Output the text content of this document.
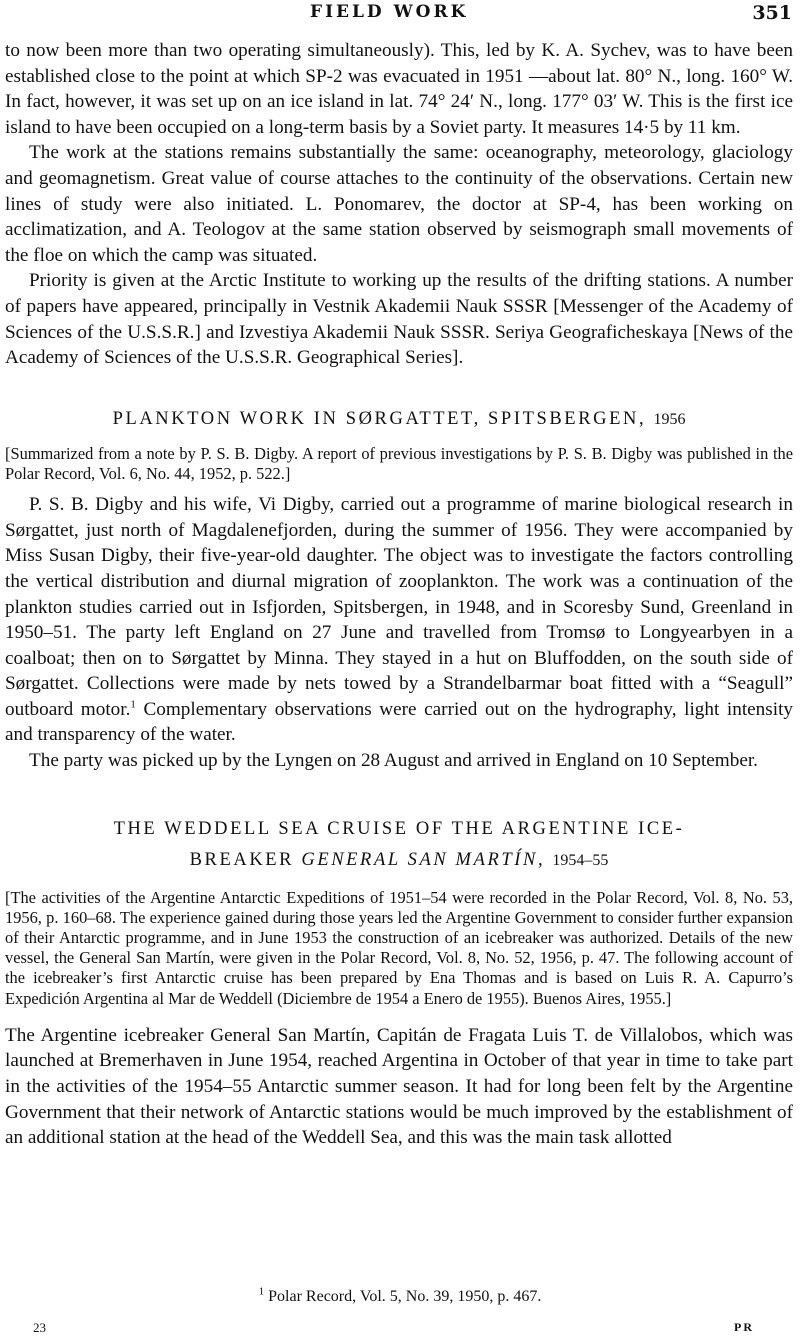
FIELD WORK	351

to now been more than two operating simultaneously). This, led by K. A. Sychev, was to have been established close to the point at which SP-2 was evacuated in 1951 —about lat. 80° N., long. 160° W. In fact, however, it was set up on an ice island in lat. 74° 24′ N., long. 177° 03′ W. This is the first ice island to have been occupied on a long-term basis by a Soviet party. It measures 14·5 by 11 km.

The work at the stations remains substantially the same: oceanography, meteorology, glaciology and geomagnetism. Great value of course attaches to the continuity of the observations. Certain new lines of study were also initiated. L. Ponomarev, the doctor at SP-4, has been working on acclimatization, and A. Teologov at the same station observed by seismograph small movements of the floe on which the camp was situated.

Priority is given at the Arctic Institute to working up the results of the drifting stations. A number of papers have appeared, principally in Vestnik Akademii Nauk SSSR [Messenger of the Academy of Sciences of the U.S.S.R.] and Izvestiya Akademii Nauk SSSR. Seriya Geograficheskaya [News of the Academy of Sciences of the U.S.S.R. Geographical Series].

PLANKTON WORK IN SØRGATTET, SPITSBERGEN, 1956

[Summarized from a note by P. S. B. Digby. A report of previous investigations by P. S. B. Digby was published in the Polar Record, Vol. 6, No. 44, 1952, p. 522.]

P. S. B. Digby and his wife, Vi Digby, carried out a programme of marine biological research in Sørgattet, just north of Magdalenefjorden, during the summer of 1956. They were accompanied by Miss Susan Digby, their five-year-old daughter. The object was to investigate the factors controlling the vertical distribution and diurnal migration of zooplankton. The work was a continuation of the plankton studies carried out in Isfjorden, Spitsbergen, in 1948, and in Scoresby Sund, Greenland in 1950–51. The party left England on 27 June and travelled from Tromsø to Longyearbyen in a coalboat; then on to Sørgattet by Minna. They stayed in a hut on Bluffodden, on the south side of Sørgattet. Collections were made by nets towed by a Strandelbarmar boat fitted with a “Seagull” outboard motor.$^1$ Complementary observations were carried out on the hydrography, light intensity and transparency of the water.

The party was picked up by the Lyngen on 28 August and arrived in England on 10 September.

THE WEDDELL SEA CRUISE OF THE ARGENTINE ICE-
BREAKER GENERAL SAN MARTÍN, 1954–55

[The activities of the Argentine Antarctic Expeditions of 1951–54 were recorded in the Polar Record, Vol. 8, No. 53, 1956, p. 160–68. The experience gained during those years led the Argentine Government to consider further expansion of their Antarctic programme, and in June 1953 the construction of an icebreaker was authorized. Details of the new vessel, the General San Martín, were given in the Polar Record, Vol. 8, No. 52, 1956, p. 47. The following account of the icebreaker’s first Antarctic cruise has been prepared by Ena Thomas and is based on Luis R. A. Capurro’s Expedición Argentina al Mar de Weddell (Diciembre de 1954 a Enero de 1955). Buenos Aires, 1955.]

The Argentine icebreaker General San Martín, Capitán de Fragata Luis T. de Villalobos, which was launched at Bremerhaven in June 1954, reached Argentina in October of that year in time to take part in the activities of the 1954–55 Antarctic summer season. It had for long been felt by the Argentine Government that their network of Antarctic stations would be much improved by the establishment of an additional station at the head of the Weddell Sea, and this was the main task allotted

$^1$ Polar Record, Vol. 5, No. 39, 1950, p. 467.
23	PR
